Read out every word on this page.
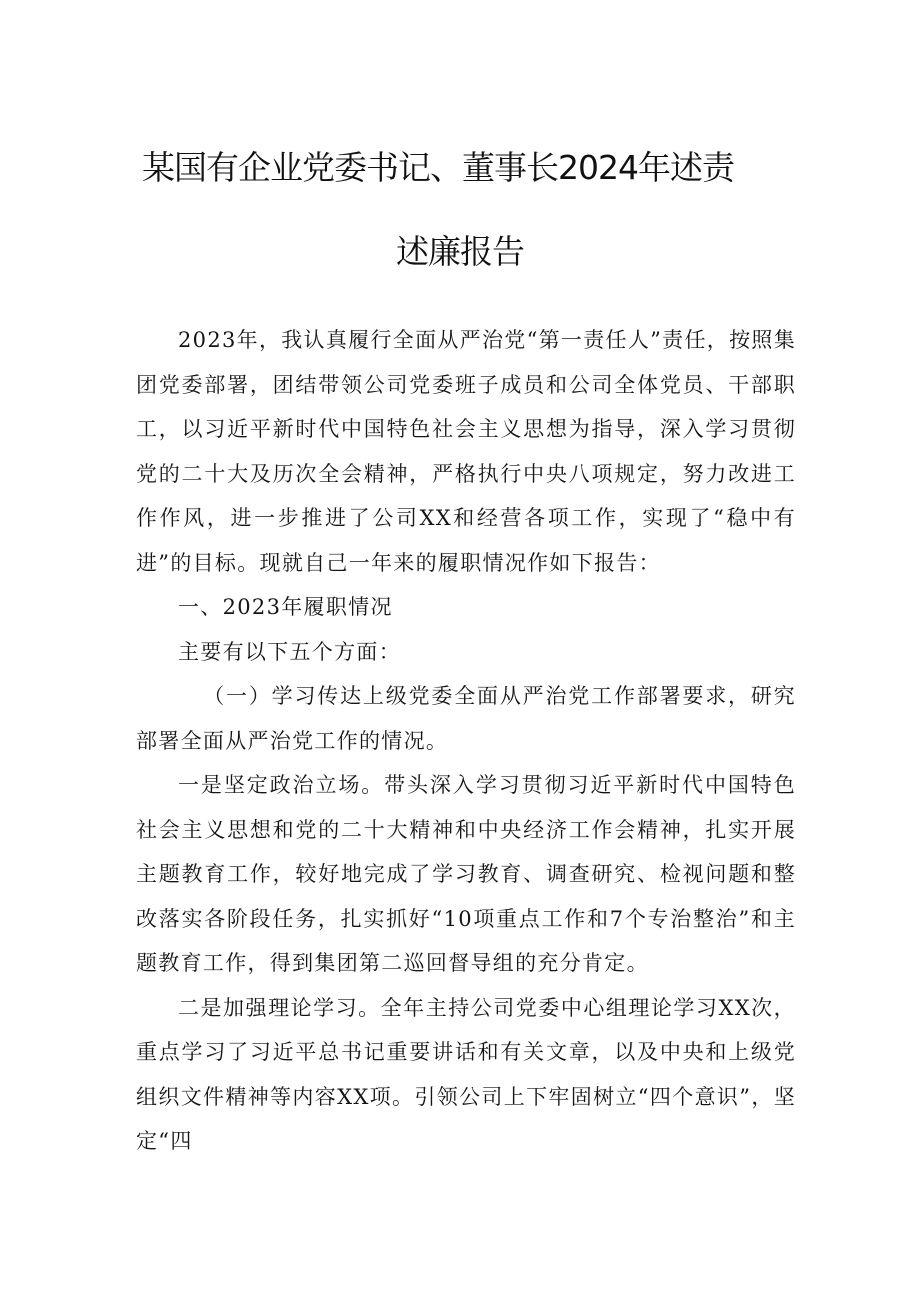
某国有企业党委书记、董事长2024年述责
述廉报告

2023年，我认真履行全面从严治党“第一责任人”责任，按照集团党委部署，团结带领公司党委班子成员和公司全体党员、干部职工，以习近平新时代中国特色社会主义思想为指导，深入学习贯彻党的二十大及历次全会精神，严格执行中央八项规定，努力改进工作作风，进一步推进了公司XX和经营各项工作，实现了“稳中有进”的目标。现就自己一年来的履职情况作如下报告：

一、2023年履职情况

主要有以下五个方面：

（一）学习传达上级党委全面从严治党工作部署要求，研究部署全面从严治党工作的情况。

一是坚定政治立场。带头深入学习贯彻习近平新时代中国特色社会主义思想和党的二十大精神和中央经济工作会精神，扎实开展主题教育工作，较好地完成了学习教育、调查研究、检视问题和整改落实各阶段任务，扎实抓好“10项重点工作和7个专治整治”和主题教育工作，得到集团第二巡回督导组的充分肯定。

二是加强理论学习。全年主持公司党委中心组理论学习XX次，重点学习了习近平总书记重要讲话和有关文章，以及中央和上级党组织文件精神等内容XX项。引领公司上下牢固树立“四个意识”，坚定“四
